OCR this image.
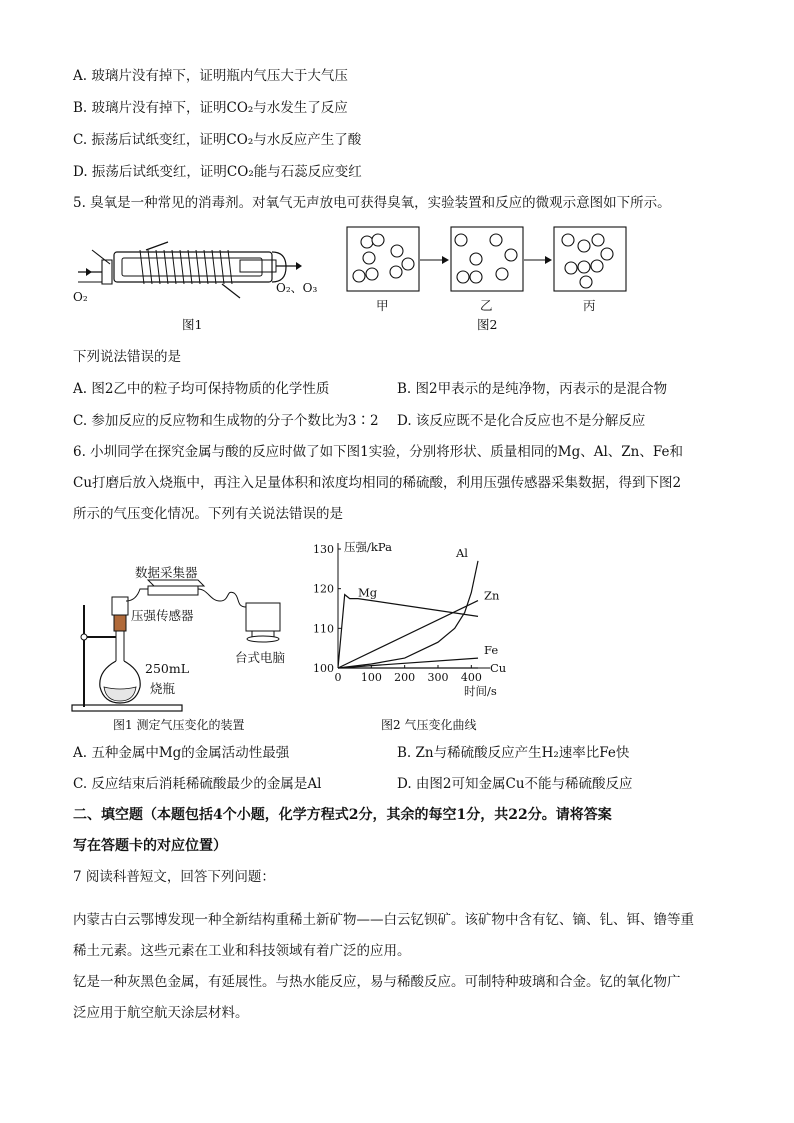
A. 玻璃片没有掉下，证明瓶内气压大于大气压
B. 玻璃片没有掉下，证明CO₂与水发生了反应
C. 振荡后试纸变红，证明CO₂与水反应产生了酸
D. 振荡后试纸变红，证明CO₂能与石蕊反应变红
5. 臭氧是一种常见的消毒剂。对氧气无声放电可获得臭氧，实验装置和反应的微观示意图如下所示。
O₂
O₂、O₃
图1
甲	乙	丙
图2
下列说法错误的是
A. 图2乙中的粒子均可保持物质的化学性质	B. 图2甲表示的是纯净物，丙表示的是混合物
C. 参加反应的反应物和生成物的分子个数比为3∶2 D. 该反应既不是化合反应也不是分解反应
6. 小圳同学在探究金属与酸的反应时做了如下图1实验，分别将形状、质量相同的Mg、Al、Zn、Fe和
Cu打磨后放入烧瓶中，再注入足量体积和浓度均相同的稀硫酸，利用压强传感器采集数据，得到下图2
所示的气压变化情况。下列有关说法错误的是
数据采集器
压强传感器
台式电脑
250mL
烧瓶
图1 测定气压变化的装置
0 100 200 300 400
100
110
120
130 压强/kPa
时间/s
Al
Zn
Mg
Fe
Cu
图2 气压变化曲线
A. 五种金属中Mg的金属活动性最强	B. Zn与稀硫酸反应产生H₂速率比Fe快
C. 反应结束后消耗稀硫酸最少的金属是Al	D. 由图2可知金属Cu不能与稀硫酸反应
二、填空题（本题包括4个小题，化学方程式2分，其余的每空1分，共22分。请将答案
写在答题卡的对应位置）
7 阅读科普短文，回答下列问题：
内蒙古白云鄂博发现一种全新结构重稀土新矿物——白云钇钡矿。该矿物中含有钇、镝、钆、铒、镥等重
稀土元素。这些元素在工业和科技领域有着广泛的应用。
钇是一种灰黑色金属，有延展性。与热水能反应，易与稀酸反应。可制特种玻璃和合金。钇的氧化物广
泛应用于航空航天涂层材料。
